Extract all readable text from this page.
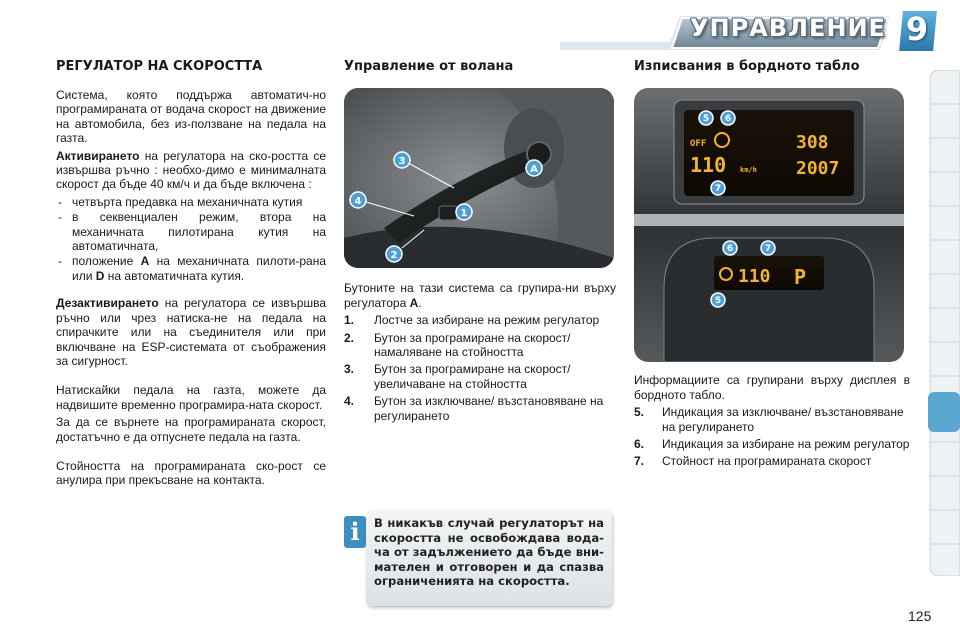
УПРАВЛЕНИЕ 9
РЕГУЛАТОР НА СКОРОСТТА

Система, която поддържа автоматич-но програмираната от водача скорост на движение на автомобила, без из-ползване на педала на газта.

Активирането на регулатора на ско-ростта се извършва ръчно : необхо-димо е минималната скорост да бъде 40 км/ч и да бъде включена :

- четвърта предавка на механичната кутия
- в секвенциален режим, втора на механичната пилотирана кутия на автоматичната,
- положение A на механичната пилоти-рана или D на автоматичната кутия.

Дезактивирането на регулатора се извършва ръчно или чрез натиска-не на педала на спирачките или на съединителя или при включване на ESP-системата от съображения за сигурност.

Натискайки педала на газта, можете да надвишите временно програмира-ната скорост.

За да се върнете на програмираната скорост, достатъчно е да отпуснете педала на газта.

Стойността на програмираната ско-рост се анулира при прекъсване на контакта.

Управление от волана
3
A
4
1
2

Бутоните на тази система са групира-ни върху регулатора A.

1. Лостче за избиране на режим регулатор
2. Бутон за програмиране на скорост/намаляване на стойността
3. Бутон за програмиране на скорост/увеличаване на стойността
4. Бутон за изключване/ възстановяване на регулирането
i	В никакъв случай регулаторът на скоростта не освобождава вода-ча от задължението да бъде вни-мателен и отговорен и да спазва ограниченията на скоростта.
Изписвания в бордното табло
OFF
110 km/h
308
2007
5 6
7
110 P
6	7
5

Информациите са групирани върху дисплея в бордното табло.

5. Индикация за изключване/ възстановяване на регулирането
6. Индикация за избиране на режим регулатор
7. Стойност на програмираната скорост
125
